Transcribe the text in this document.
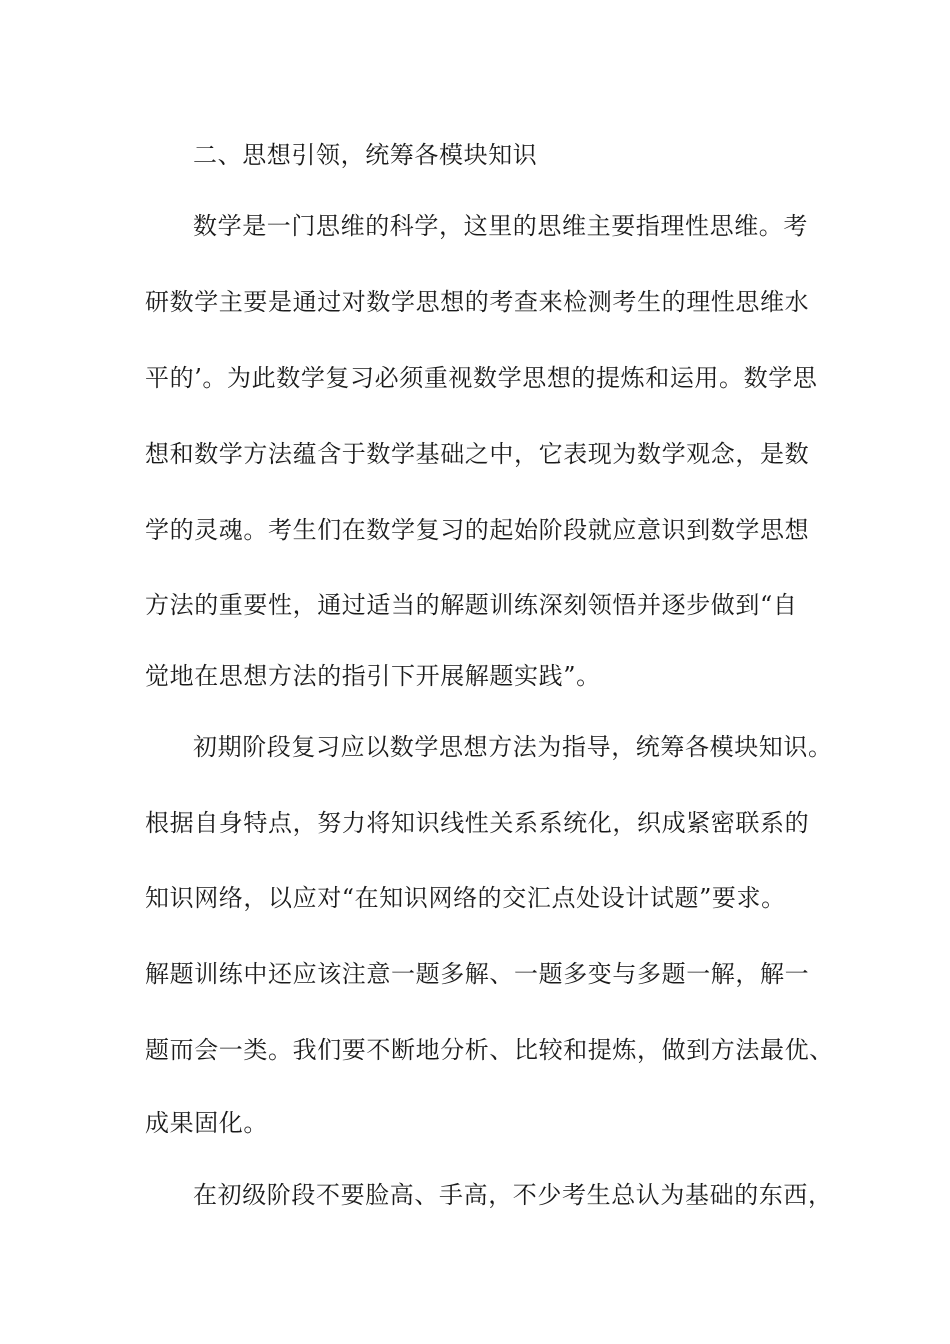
二、思想引领，统筹各模块知识
数学是一门思维的科学，这里的思维主要指理性思维。考
研数学主要是通过对数学思想的考查来检测考生的理性思维水
平的’。为此数学复习必须重视数学思想的提炼和运用。数学思
想和数学方法蕴含于数学基础之中，它表现为数学观念，是数
学的灵魂。考生们在数学复习的起始阶段就应意识到数学思想
方法的重要性，通过适当的解题训练深刻领悟并逐步做到“自
觉地在思想方法的指引下开展解题实践”。
初期阶段复习应以数学思想方法为指导，统筹各模块知识。
根据自身特点，努力将知识线性关系系统化，织成紧密联系的
知识网络，以应对“在知识网络的交汇点处设计试题”要求。
解题训练中还应该注意一题多解、一题多变与多题一解，解一
题而会一类。我们要不断地分析、比较和提炼，做到方法最优、
成果固化。
在初级阶段不要脸高、手高，不少考生总认为基础的东西，
